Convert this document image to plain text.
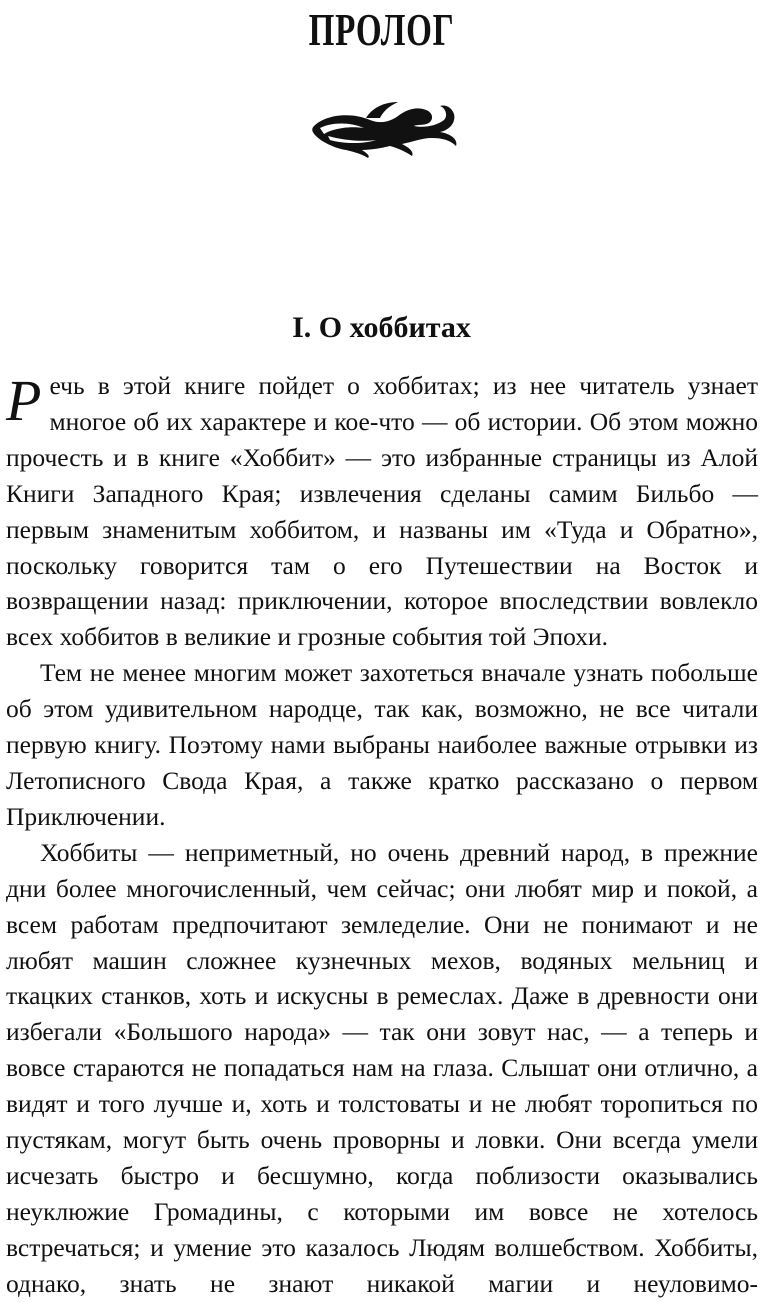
ПРОЛОГ
I. О хоббитах

Речь в этой книге пойдет о хоббитах; из нее читатель узнает многое об их характере и кое-что — об истории. Об этом можно прочесть и в книге «Хоббит» — это избранные страницы из Алой Книги Западного Края; извлечения сделаны самим Бильбо — первым знаменитым хоббитом, и названы им «Туда и Обратно», поскольку говорится там о его Путешествии на Восток и возвращении назад: приключении, которое впоследствии вовлекло всех хоббитов в великие и грозные события той Эпохи.

Тем не менее многим может захотеться вначале узнать побольше об этом удивительном народце, так как, возможно, не все читали первую книгу. Поэтому нами выбраны наиболее важные отрывки из Летописного Свода Края, а также кратко рассказано о первом Приключении.

Хоббиты — неприметный, но очень древний народ, в прежние дни более многочисленный, чем сейчас; они любят мир и покой, а всем работам предпочитают земледелие. Они не понимают и не любят машин сложнее кузнечных мехов, водяных мельниц и ткацких станков, хоть и искусны в ремеслах. Даже в древности они избегали «Большого народа» — так они зовут нас, — а теперь и вовсе стараются не попадаться нам на глаза. Слышат они отлично, а видят и того лучше и, хоть и толстоваты и не любят торопиться по пустякам, могут быть очень проворны и ловки. Они всегда умели исчезать быстро и бесшумно, когда поблизости оказывались неуклюжие Громадины, с которыми им вовсе не хотелось встречаться; и умение это казалось Людям волшебством. Хоббиты, однако, знать не знают никакой магии и неуловимо-
